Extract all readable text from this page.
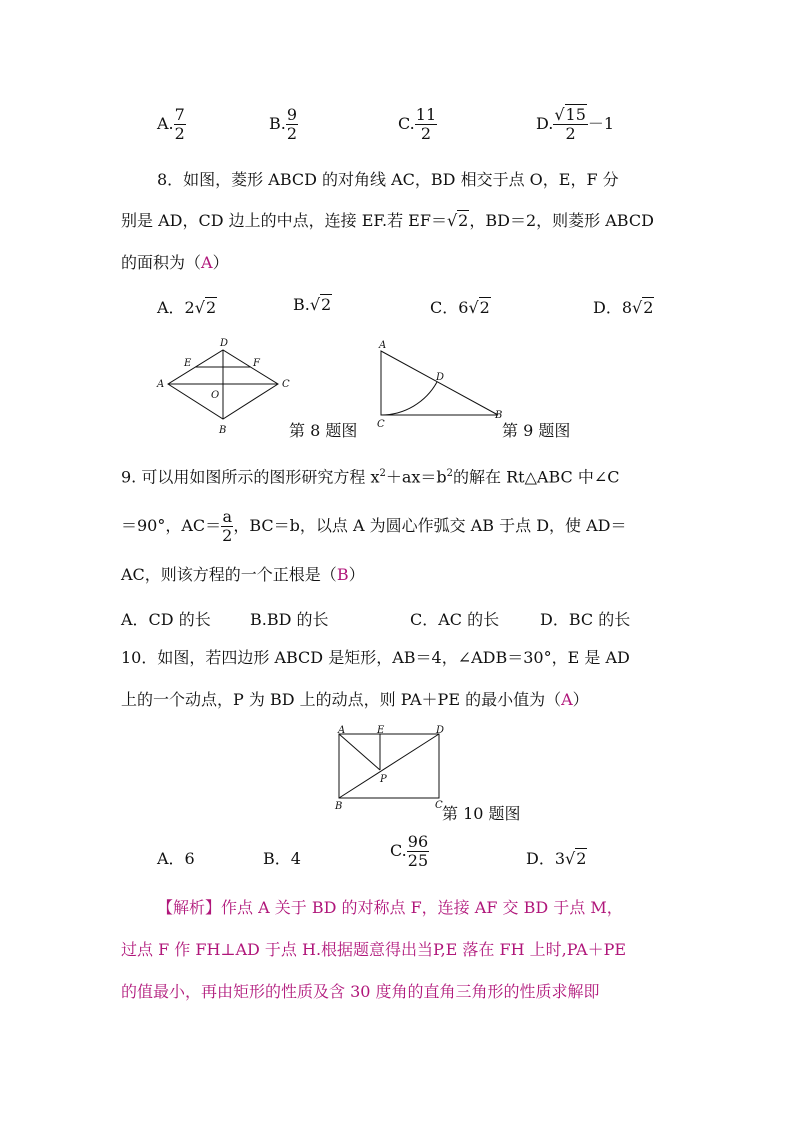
A. $\frac{7}{2}$	B. $\frac{9}{2}$	C. $\frac{11}{2}$	D. $\frac{√15}{2} -1$
8．如图，菱形 ABCD 的对角线 AC，BD 相交于点 O，E，F 分
别是 AD，CD 边上的中点，连接 EF.若 EF＝√2，BD＝2，则菱形 ABCD
的面积为（A）
A．2√2	B.√2	C．6√2	D．8√2
A
D
C
B
E	F
O
第 8 题图
A
C
B
D
第 9 题图
9. 可以用如图所示的图形研究方程 $x^2+ax=b^2$的解在 Rt△ABC 中∠C
＝90°，$AC= \frac{a}{2}$ ，BC＝b，以点 A 为圆心作弧交 AB 于点 D，使 AD＝
AC，则该方程的一个正根是（B）
A．CD 的长 B.BD 的长	C．AC 的长	D．BC 的长
10．如图，若四边形 ABCD 是矩形，AB＝4，∠ADB＝30°，E 是 AD
上的一个动点，P 为 BD 上的动点，则 PA＋PE 的最小值为（A）
A	E	D
P
B	C 第 10 题图
A．6	B．4	C. $\frac{96}{25}$	D．3√2
【解析】作点 A 关于 BD 的对称点 F，连接 AF 交 BD 于点 M，
过点 F 作 FH⊥AD 于点 H.根据题意得出当P,E 落在 FH 上时,PA＋PE
的值最小，再由矩形的性质及含 30 度角的直角三角形的性质求解即
